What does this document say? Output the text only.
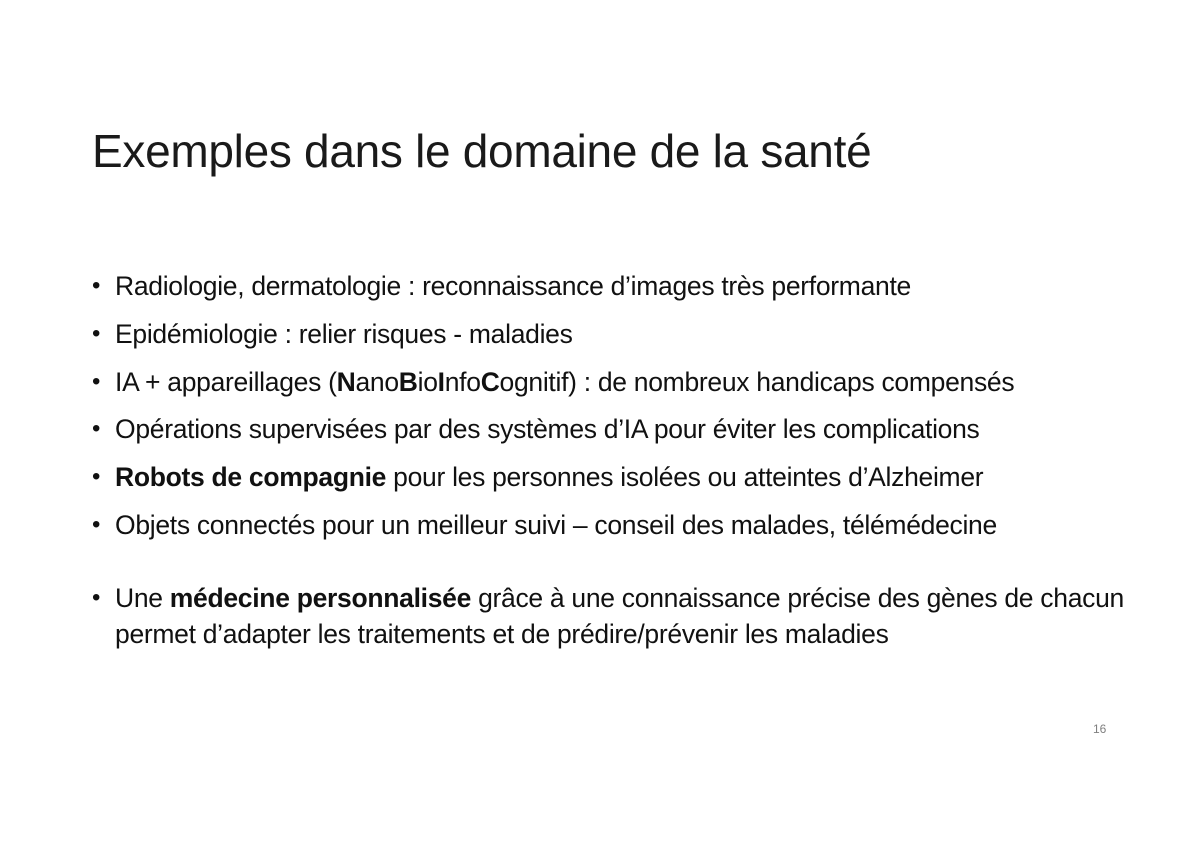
Exemples dans le domaine de la santé
• Radiologie, dermatologie : reconnaissance d’images très performante
• Epidémiologie : relier risques - maladies
• IA + appareillages (NanoBioInfoCognitif) : de nombreux handicaps compensés
• Opérations supervisées par des systèmes d’IA pour éviter les complications
• Robots de compagnie pour les personnes isolées ou atteintes d’Alzheimer
• Objets connectés pour un meilleur suivi – conseil des malades, télémédecine
• Une médecine personnalisée grâce à une connaissance précise des gènes de chacun permet d’adapter les traitements et de prédire/prévenir les maladies
16
